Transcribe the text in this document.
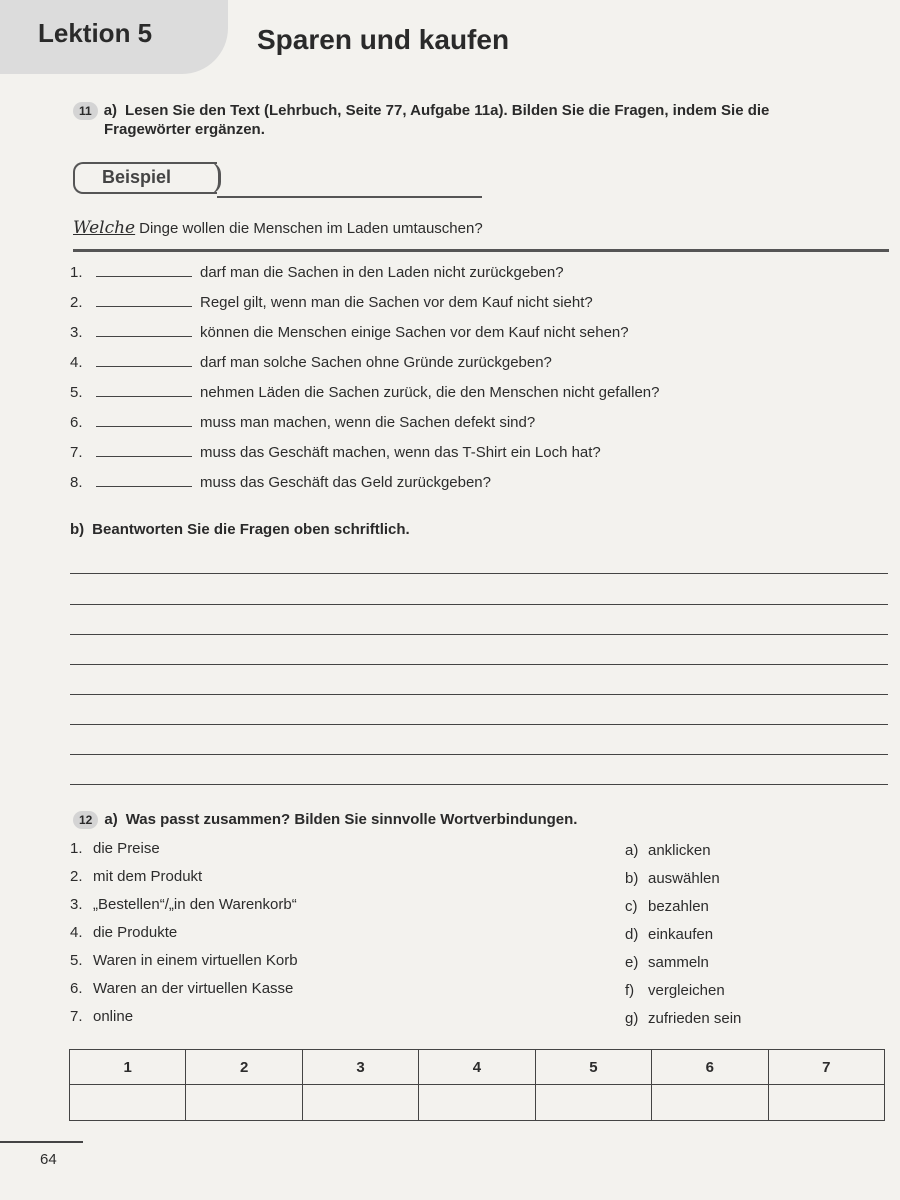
Lektion 5	Sparen und kaufen
11 a) Lesen Sie den Text (Lehrbuch, Seite 77, Aufgabe 11a). Bilden Sie die Fragen, indem Sie die
Fragewörter ergänzen.
Beispiel
Welche Dinge wollen die Menschen im Laden umtauschen?
1.	darf man die Sachen in den Laden nicht zurückgeben?
2.	Regel gilt, wenn man die Sachen vor dem Kauf nicht sieht?
3.	können die Menschen einige Sachen vor dem Kauf nicht sehen?
4.	darf man solche Sachen ohne Gründe zurückgeben?
5.	nehmen Läden die Sachen zurück, die den Menschen nicht gefallen?
6.	muss man machen, wenn die Sachen defekt sind?
7.	muss das Geschäft machen, wenn das T-Shirt ein Loch hat?
8.	muss das Geschäft das Geld zurückgeben?
b) Beantworten Sie die Fragen oben schriftlich.
12 a) Was passt zusammen? Bilden Sie sinnvolle Wortverbindungen.
1. die Preise
2. mit dem Produkt
3. „Bestellen“/„in den Warenkorb“
4. die Produkte
5. Waren in einem virtuellen Korb
6. Waren an der virtuellen Kasse
7. online
a) anklicken
b) auswählen
c) bezahlen
d) einkaufen
e) sammeln
f) vergleichen
g) zufrieden sein
1	2	3	4	5	6	7

64
